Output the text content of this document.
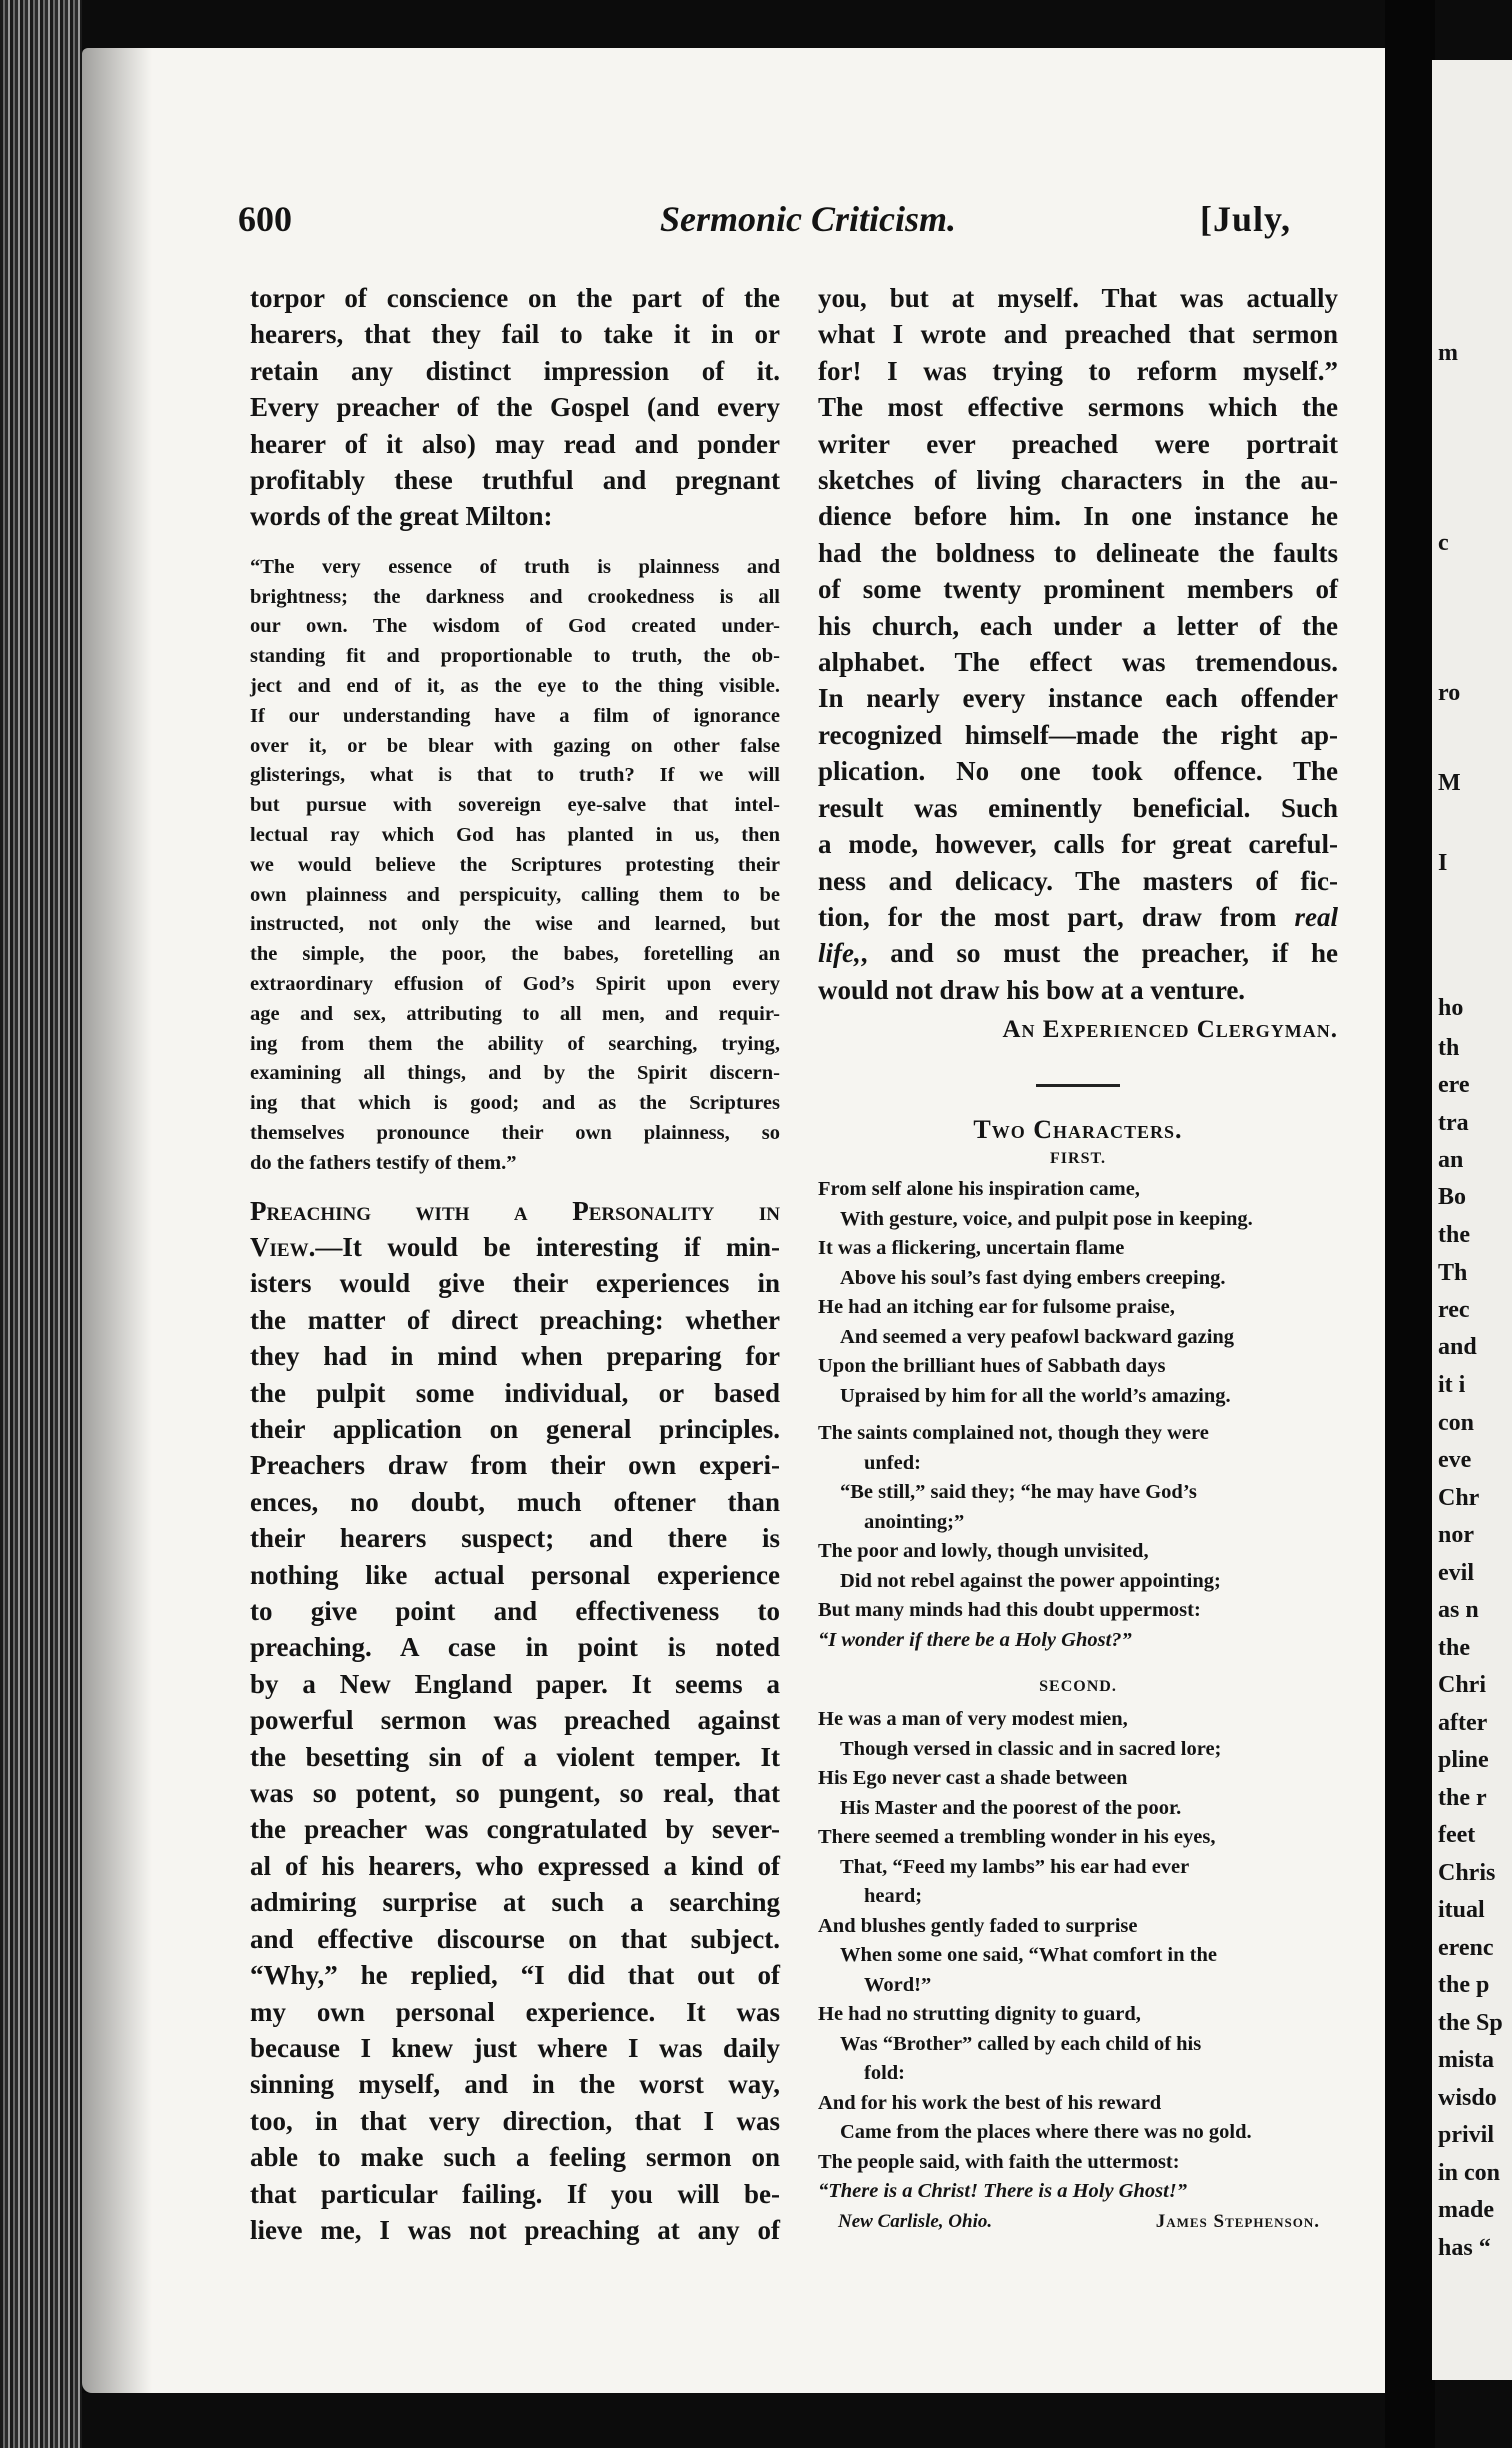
m
c
ro
M
I
ho
th
ere
tra
an
Bo
the
Th
rec
and
it i
con
eve
Chr
nor
evil
as n
the
Chri
after
pline
the r
feet
Chris
itual
erenc
the p
the Sp
mista
wisdo
privil
in con
made
has “
600	Sermonic Criticism.	[July,
torpor of conscience on the part of the
hearers, that they fail to take it in or
retain any distinct impression of it.
Every preacher of the Gospel (and every
hearer of it also) may read and ponder
profitably these truthful and pregnant
words of the great Milton:
“The very essence of truth is plainness and
brightness; the darkness and crookedness is all
our own. The wisdom of God created under-
standing fit and proportionable to truth, the ob-
ject and end of it, as the eye to the thing visible.
If our understanding have a film of ignorance
over it, or be blear with gazing on other false
glisterings, what is that to truth? If we will
but pursue with sovereign eye-salve that intel-
lectual ray which God has planted in us, then
we would believe the Scriptures protesting their
own plainness and perspicuity, calling them to be
instructed, not only the wise and learned, but
the simple, the poor, the babes, foretelling an
extraordinary effusion of God’s Spirit upon every
age and sex, attributing to all men, and requir-
ing from them the ability of searching, trying,
examining all things, and by the Spirit discern-
ing that which is good; and as the Scriptures
themselves pronounce their own plainness, so
do the fathers testify of them.”
Preaching with a Personality in
View.—It would be interesting if min-
isters would give their experiences in
the matter of direct preaching: whether
they had in mind when preparing for
the pulpit some individual, or based
their application on general principles.
Preachers draw from their own experi-
ences, no doubt, much oftener than
their hearers suspect; and there is
nothing like actual personal experience
to give point and effectiveness to
preaching. A case in point is noted
by a New England paper. It seems a
powerful sermon was preached against
the besetting sin of a violent temper. It
was so potent, so pungent, so real, that
the preacher was congratulated by sever-
al of his hearers, who expressed a kind of
admiring surprise at such a searching
and effective discourse on that subject.
“Why,” he replied, “I did that out of
my own personal experience. It was
because I knew just where I was daily
sinning myself, and in the worst way,
too, in that very direction, that I was
able to make such a feeling sermon on
that particular failing. If you will be-
lieve me, I was not preaching at any of
you, but at myself. That was actually
what I wrote and preached that sermon
for! I was trying to reform myself.”
The most effective sermons which the
writer ever preached were portrait
sketches of living characters in the au-
dience before him. In one instance he
had the boldness to delineate the faults
of some twenty prominent members of
his church, each under a letter of the
alphabet. The effect was tremendous.
In nearly every instance each offender
recognized himself—made the right ap-
plication. No one took offence. The
result was eminently beneficial. Such
a mode, however, calls for great careful-
ness and delicacy. The masters of fic-
tion, for the most part, draw from real
life,, and so must the preacher, if he
would not draw his bow at a venture.
An Experienced Clergyman.
Two Characters.
FIRST.
From self alone his inspiration came,
With gesture, voice, and pulpit pose in keeping.
It was a flickering, uncertain flame
Above his soul’s fast dying embers creeping.
He had an itching ear for fulsome praise,
And seemed a very peafowl backward gazing
Upon the brilliant hues of Sabbath days
Upraised by him for all the world’s amazing.
The saints complained not, though they were
unfed:
“Be still,” said they; “he may have God’s
anointing;”
The poor and lowly, though unvisited,
Did not rebel against the power appointing;
But many minds had this doubt uppermost:
“I wonder if there be a Holy Ghost?”
SECOND.
He was a man of very modest mien,
Though versed in classic and in sacred lore;
His Ego never cast a shade between
His Master and the poorest of the poor.
There seemed a trembling wonder in his eyes,
That, “Feed my lambs” his ear had ever
heard;
And blushes gently faded to surprise
When some one said, “What comfort in the
Word!”
He had no strutting dignity to guard,
Was “Brother” called by each child of his
fold:
And for his work the best of his reward
Came from the places where there was no gold.
The people said, with faith the uttermost:
“There is a Christ! There is a Holy Ghost!”
New Carlisle, Ohio.	James Stephenson.
